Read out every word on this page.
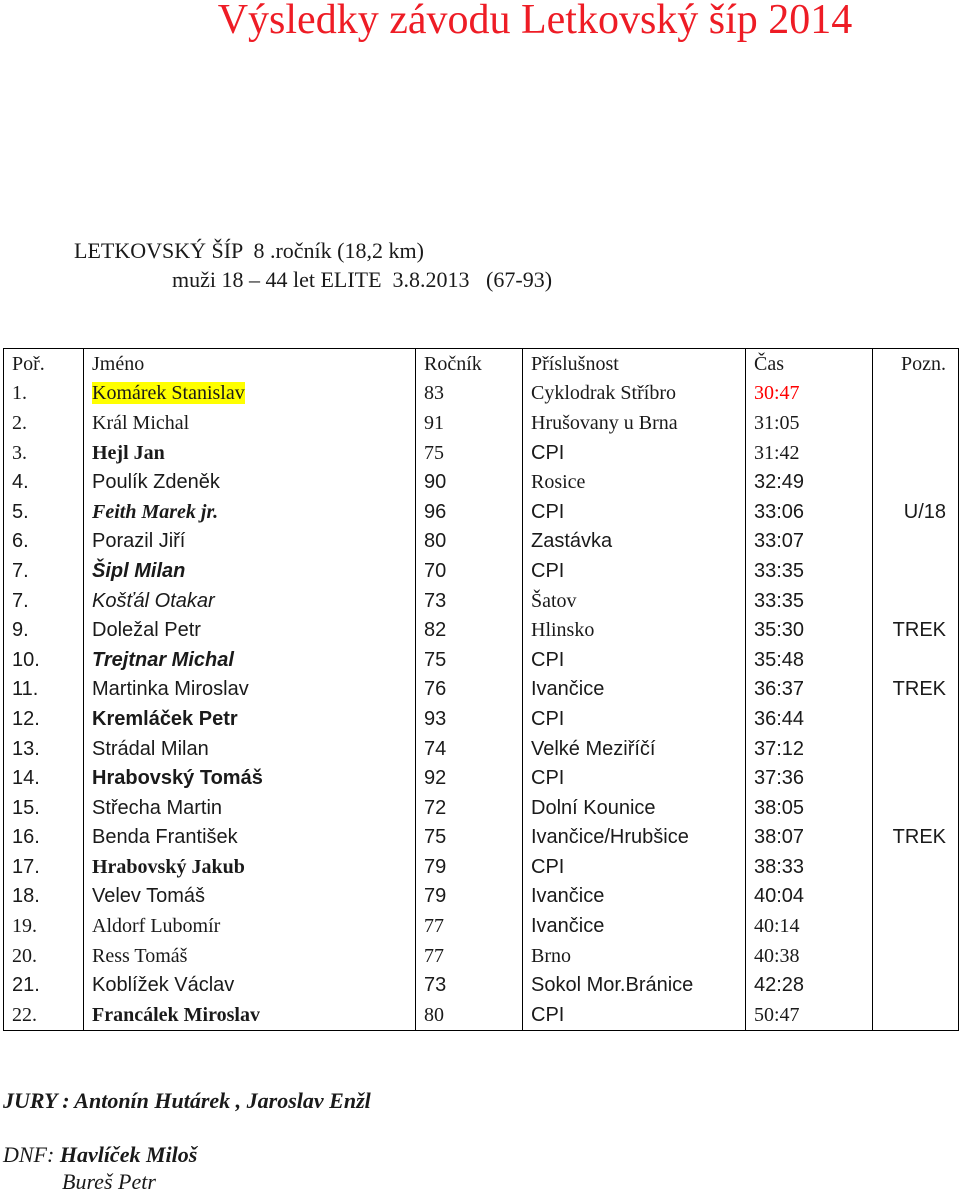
Výsledky závodu Letkovský šíp 2014
LETKOVSKÝ ŠÍP  8 .ročník (18,2 km)
muži 18 – 44 let ELITE  3.8.2013   (67-93)
Poř.	Jméno	Ročník	Příslušnost	Čas	Pozn.
1.	Komárek Stanislav	83	Cyklodrak Stříbro	30:47	
2.	Král Michal	91	Hrušovany u Brna	31:05	
3.	Hejl Jan	75	CPI	31:42	
4.	Poulík Zdeněk	90	Rosice	32:49	
5.	Feith Marek jr.	96	CPI	33:06	U/18
6.	Porazil Jiří	80	Zastávka	33:07	
7.	Šipl Milan	70	CPI	33:35	
7.	Košťál Otakar	73	Šatov	33:35	
9.	Doležal Petr	82	Hlinsko	35:30	TREK
10.	Trejtnar Michal	75	CPI	35:48	
11.	Martinka Miroslav	76	Ivančice	36:37	TREK
12.	Kremláček Petr	93	CPI	36:44	
13.	Strádal Milan	74	Velké Meziříčí	37:12	
14.	Hrabovský Tomáš	92	CPI	37:36	
15.	Střecha Martin	72	Dolní Kounice	38:05	
16.	Benda František	75	Ivančice/Hrubšice	38:07	TREK
17.	Hrabovský Jakub	79	CPI	38:33	
18.	Velev Tomáš	79	Ivančice	40:04	
19.	Aldorf Lubomír	77	Ivančice	40:14	
20.	Ress Tomáš	77	Brno	40:38	
21.	Koblížek Václav	73	Sokol Mor.Bránice	42:28	
22.	Francálek Miroslav	80	CPI	50:47	
JURY : Antonín Hutárek , Jaroslav Enžl
DNF: Havlíček Miloš
Bureš Petr
